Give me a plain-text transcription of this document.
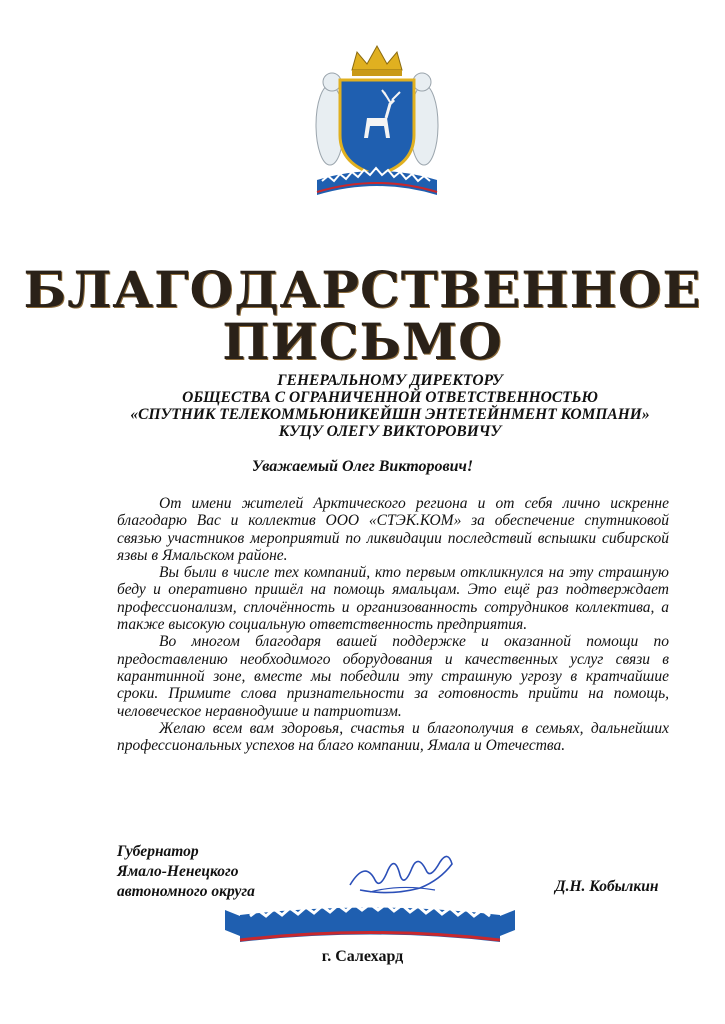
БЛАГОДАРСТВЕННОЕ
ПИСЬМО
ГЕНЕРАЛЬНОМУ ДИРЕКТОРУ
ОБЩЕСТВА С ОГРАНИЧЕННОЙ ОТВЕТСТВЕННОСТЬЮ
«СПУТНИК ТЕЛЕКОММЬЮНИКЕЙШН ЭНТЕТЕЙНМЕНТ КОМПАНИ»
КУЦУ ОЛЕГУ ВИКТОРОВИЧУ
Уважаемый Олег Викторович!

От имени жителей Арктического региона и от себя лично искренне благодарю Вас и коллектив ООО «СТЭК.КОМ» за обеспечение спутниковой связью участников мероприятий по ликвидации последствий вспышки сибирской язвы в Ямальском районе.

Вы были в числе тех компаний, кто первым откликнулся на эту страшную беду и оперативно пришёл на помощь ямальцам. Это ещё раз подтверждает профессионализм, сплочённость и организованность сотрудников коллектива, а также высокую социальную ответственность предприятия.

Во многом благодаря вашей поддержке и оказанной помощи по предоставлению необходимого оборудования и качественных услуг связи в карантинной зоне, вместе мы победили эту страшную угрозу в кратчайшие сроки. Примите слова признательности за готовность прийти на помощь, человеческое неравнодушие и патриотизм.

Желаю всем вам здоровья, счастья и благополучия в семьях, дальнейших профессиональных успехов на благо компании, Ямала и Отечества.

Губернатор
Ямало-Ненецкого
автономного округа	Д.Н. Кобылкин
г. Салехард
